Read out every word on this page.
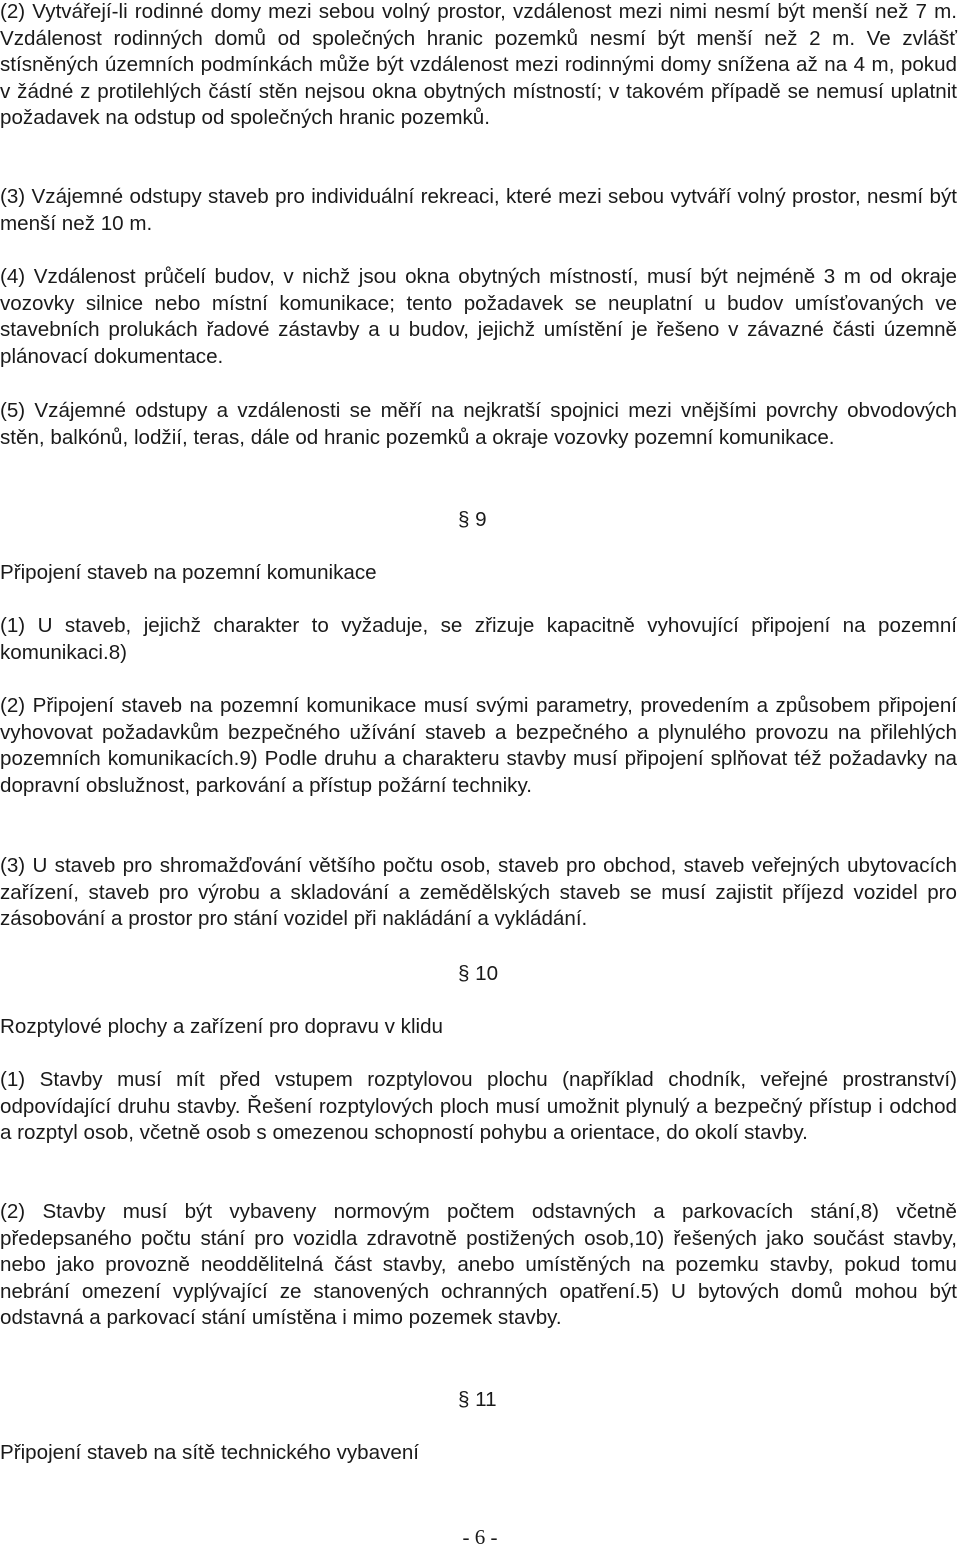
(2) Vytvářejí-li rodinné domy mezi sebou volný prostor, vzdálenost mezi nimi nesmí být menší než 7 m. Vzdálenost rodinných domů od společných hranic pozemků nesmí být menší než 2 m. Ve zvlášť stísněných územních podmínkách může být vzdálenost mezi rodinnými domy snížena až na 4 m, pokud v žádné z protilehlých částí stěn nejsou okna obytných místností; v takovém případě se nemusí uplatnit požadavek na odstup od společných hranic pozemků.

(3) Vzájemné odstupy staveb pro individuální rekreaci, které mezi sebou vytváří volný prostor, nesmí být menší než 10 m.

(4) Vzdálenost průčelí budov, v nichž jsou okna obytných místností, musí být nejméně 3 m od okraje vozovky silnice nebo místní komunikace; tento požadavek se neuplatní u budov umísťovaných ve stavebních prolukách řadové zástavby a u budov, jejichž umístění je řešeno v závazné části územně plánovací dokumentace.

(5) Vzájemné odstupy a vzdálenosti se měří na nejkratší spojnici mezi vnějšími povrchy obvodových stěn, balkónů, lodžií, teras, dále od hranic pozemků a okraje vozovky pozemní komunikace.

§ 9
Připojení staveb na pozemní komunikace

(1) U staveb, jejichž charakter to vyžaduje, se zřizuje kapacitně vyhovující připojení na pozemní komunikaci.8)

(2) Připojení staveb na pozemní komunikace musí svými parametry, provedením a způsobem připojení vyhovovat požadavkům bezpečného užívání staveb a bezpečného a plynulého provozu na přilehlých pozemních komunikacích.9) Podle druhu a charakteru stavby musí připojení splňovat též požadavky na dopravní obslužnost, parkování a přístup požární techniky.

(3) U staveb pro shromažďování většího počtu osob, staveb pro obchod, staveb veřejných ubytovacích zařízení, staveb pro výrobu a skladování a zemědělských staveb se musí zajistit příjezd vozidel pro zásobování a prostor pro stání vozidel při nakládání a vykládání.

§ 10
Rozptylové plochy a zařízení pro dopravu v klidu

(1) Stavby musí mít před vstupem rozptylovou plochu (například chodník, veřejné prostranství) odpovídající druhu stavby. Řešení rozptylových ploch musí umožnit plynulý a bezpečný přístup i odchod a rozptyl osob, včetně osob s omezenou schopností pohybu a orientace, do okolí stavby.

(2) Stavby musí být vybaveny normovým počtem odstavných a parkovacích stání,8) včetně předepsaného počtu stání pro vozidla zdravotně postižených osob,10) řešených jako součást stavby, nebo jako provozně neoddělitelná část stavby, anebo umístěných na pozemku stavby, pokud tomu nebrání omezení vyplývající ze stanovených ochranných opatření.5) U bytových domů mohou být odstavná a parkovací stání umístěna i mimo pozemek stavby.

§ 11
Připojení staveb na sítě technického vybavení
- 6 -
